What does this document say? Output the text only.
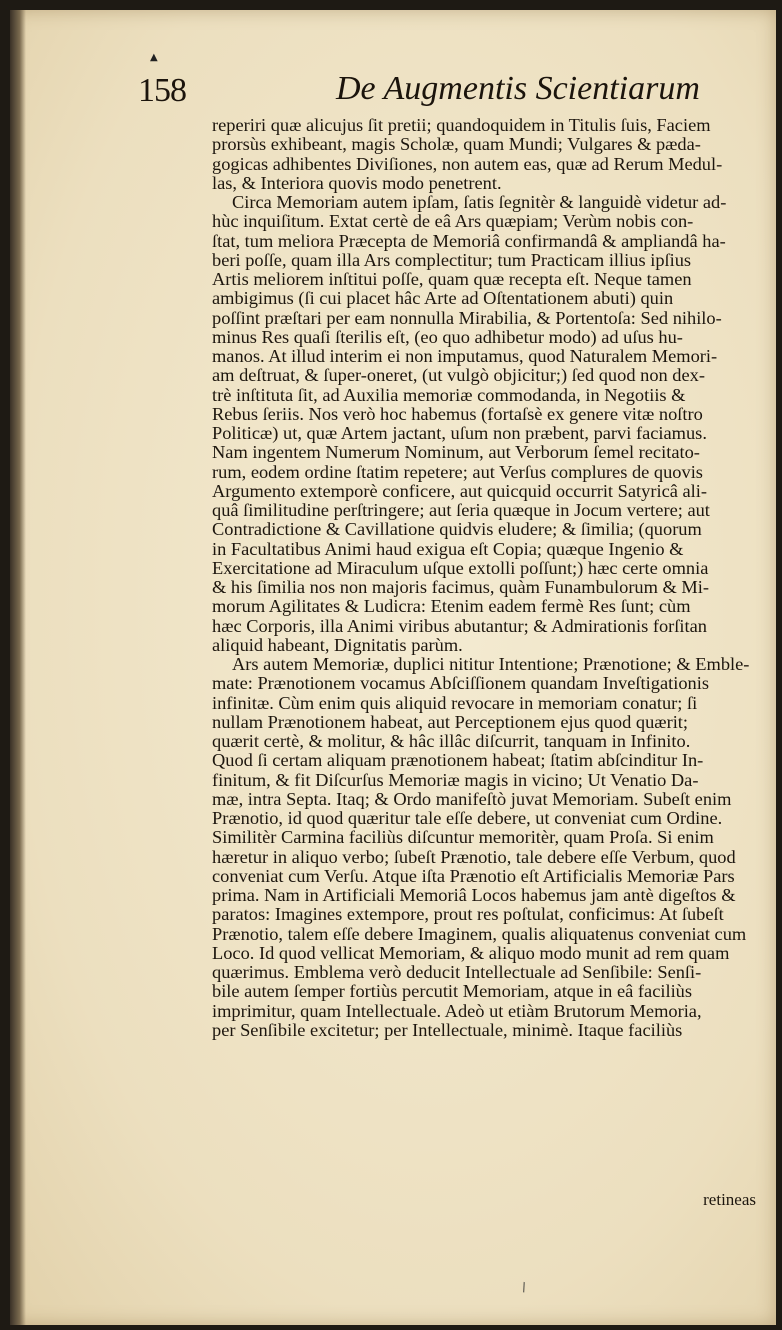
▲
158	De Augmentis Scientiarum
reperiri quæ alicujus ſit pretii; quandoquidem in Titulis ſuis, Faciem
prorsùs exhibeant, magis Scholæ, quam Mundi; Vulgares & pæda-
gogicas adhibentes Diviſiones, non autem eas, quæ ad Rerum Medul-
las, & Interiora quovis modo penetrent.
Circa Memoriam autem ipſam, ſatis ſegnitèr & languidè videtur ad-
hùc inquiſitum. Extat certè de eâ Ars quæpiam; Verùm nobis con-
ſtat, tum meliora Præcepta de Memoriâ confirmandâ & ampliandâ ha-
beri poſſe, quam illa Ars complectitur; tum Practicam illius ipſius
Artis meliorem inſtitui poſſe, quam quæ recepta eſt. Neque tamen
ambigimus (ſi cui placet hâc Arte ad Oſtentationem abuti) quin
poſſint præſtari per eam nonnulla Mirabilia, & Portentoſa: Sed nihilo-
minus Res quaſi ſterilis eſt, (eo quo adhibetur modo) ad uſus hu-
manos. At illud interim ei non imputamus, quod Naturalem Memori-
am deſtruat, & ſuper-oneret, (ut vulgò objicitur;) ſed quod non dex-
trè inſtituta ſit, ad Auxilia memoriæ commodanda, in Negotiis &
Rebus ſeriis. Nos verò hoc habemus (fortaſsè ex genere vitæ noſtro
Politicæ) ut, quæ Artem jactant, uſum non præbent, parvi faciamus.
Nam ingentem Numerum Nominum, aut Verborum ſemel recitato-
rum, eodem ordine ſtatim repetere; aut Verſus complures de quovis
Argumento extemporè conficere, aut quicquid occurrit Satyricâ ali-
quâ ſimilitudine perſtringere; aut ſeria quæque in Jocum vertere; aut
Contradictione & Cavillatione quidvis eludere; & ſimilia; (quorum
in Facultatibus Animi haud exigua eſt Copia; quæque Ingenio &
Exercitatione ad Miraculum uſque extolli poſſunt;) hæc certe omnia
& his ſimilia nos non majoris facimus, quàm Funambulorum & Mi-
morum Agilitates & Ludicra: Etenim eadem fermè Res ſunt; cùm
hæc Corporis, illa Animi viribus abutantur; & Admirationis forſitan
aliquid habeant, Dignitatis parùm.
Ars autem Memoriæ, duplici nititur Intentione; Prænotione; & Emble-
mate: Prænotionem vocamus Abſciſſionem quandam Inveſtigationis
infinitæ. Cùm enim quis aliquid revocare in memoriam conatur; ſi
nullam Prænotionem habeat, aut Perceptionem ejus quod quærit;
quærit certè, & molitur, & hâc illâc diſcurrit, tanquam in Infinito.
Quod ſi certam aliquam prænotionem habeat; ſtatim abſcinditur In-
finitum, & fit Diſcurſus Memoriæ magis in vicino; Ut Venatio Da-
mæ, intra Septa. Itaq; & Ordo manifeſtò juvat Memoriam. Subeſt enim
Prænotio, id quod quæritur tale eſſe debere, ut conveniat cum Ordine.
Similitèr Carmina faciliùs diſcuntur memoritèr, quam Proſa. Si enim
hæretur in aliquo verbo; ſubeſt Prænotio, tale debere eſſe Verbum, quod
conveniat cum Verſu. Atque iſta Prænotio eſt Artificialis Memoriæ Pars
prima. Nam in Artificiali Memoriâ Locos habemus jam antè digeſtos &
paratos: Imagines extempore, prout res poſtulat, conficimus: At ſubeſt
Prænotio, talem eſſe debere Imaginem, qualis aliquatenus conveniat cum
Loco. Id quod vellicat Memoriam, & aliquo modo munit ad rem quam
quærimus. Emblema verò deducit Intellectuale ad Senſibile: Senſi-
bile autem ſemper fortiùs percutit Memoriam, atque in eâ faciliùs
imprimitur, quam Intellectuale. Adeò ut etiàm Brutorum Memoria,
per Senſibile excitetur; per Intellectuale, minimè. Itaque faciliùs
retineas
\
